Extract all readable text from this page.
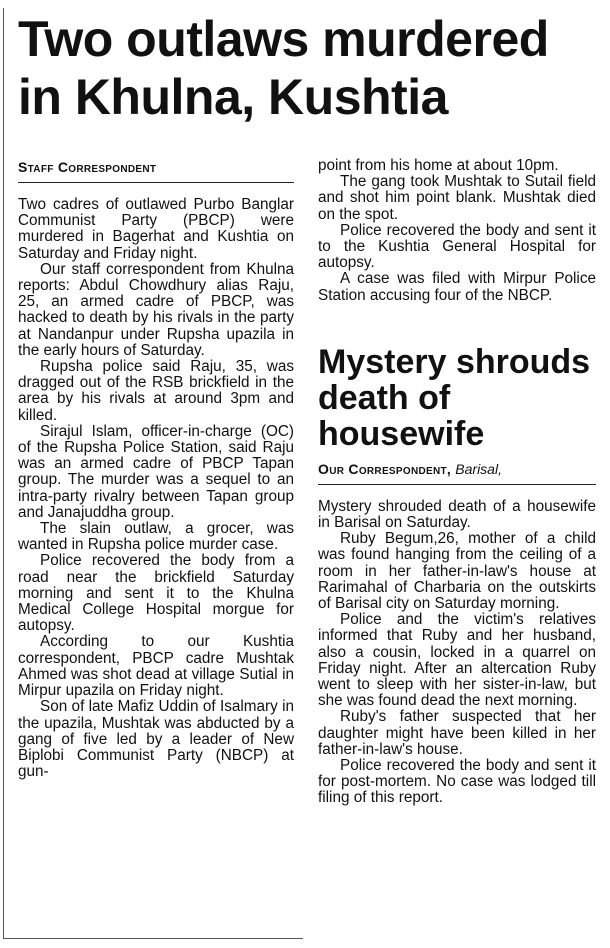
Two outlaws murdered in Khulna, Kushtia
Staff Correspondent

Two cadres of outlawed Purbo Banglar Communist Party (PBCP) were murdered in Bagerhat and Kushtia on Saturday and Friday night.

Our staff correspondent from Khulna reports: Abdul Chowdhury alias Raju, 25, an armed cadre of PBCP, was hacked to death by his rivals in the party at Nandanpur under Rupsha upazila in the early hours of Saturday.

Rupsha police said Raju, 35, was dragged out of the RSB brickfield in the area by his rivals at around 3pm and killed.

Sirajul Islam, officer-in-charge (OC) of the Rupsha Police Station, said Raju was an armed cadre of PBCP Tapan group. The murder was a sequel to an intra-party rivalry between Tapan group and Janajuddha group.

The slain outlaw, a grocer, was wanted in Rupsha police murder case.

Police recovered the body from a road near the brickfield Saturday morning and sent it to the Khulna Medical College Hospital morgue for autopsy.

According to our Kushtia correspondent, PBCP cadre Mushtak Ahmed was shot dead at village Sutial in Mirpur upazila on Friday night.

Son of late Mafiz Uddin of Isalmary in the upazila, Mushtak was abducted by a gang of five led by a leader of New Biplobi Communist Party (NBCP) at gun-

point from his home at about 10pm.

The gang took Mushtak to Sutail field and shot him point blank. Mushtak died on the spot.

Police recovered the body and sent it to the Kushtia General Hospital for autopsy.

A case was filed with Mirpur Police Station accusing four of the NBCP.

Mystery shrouds death of housewife
Our Correspondent, Barisal,

Mystery shrouded death of a housewife in Barisal on Saturday.

Ruby Begum,26, mother of a child was found hanging from the ceiling of a room in her father-in-law's house at Rarimahal of Charbaria on the outskirts of Barisal city on Saturday morning.

Police and the victim's relatives informed that Ruby and her husband, also a cousin, locked in a quarrel on Friday night. After an altercation Ruby went to sleep with her sister-in-law, but she was found dead the next morning.

Ruby's father suspected that her daughter might have been killed in her father-in-law's house.

Police recovered the body and sent it for post-mortem. No case was lodged till filing of this report.
